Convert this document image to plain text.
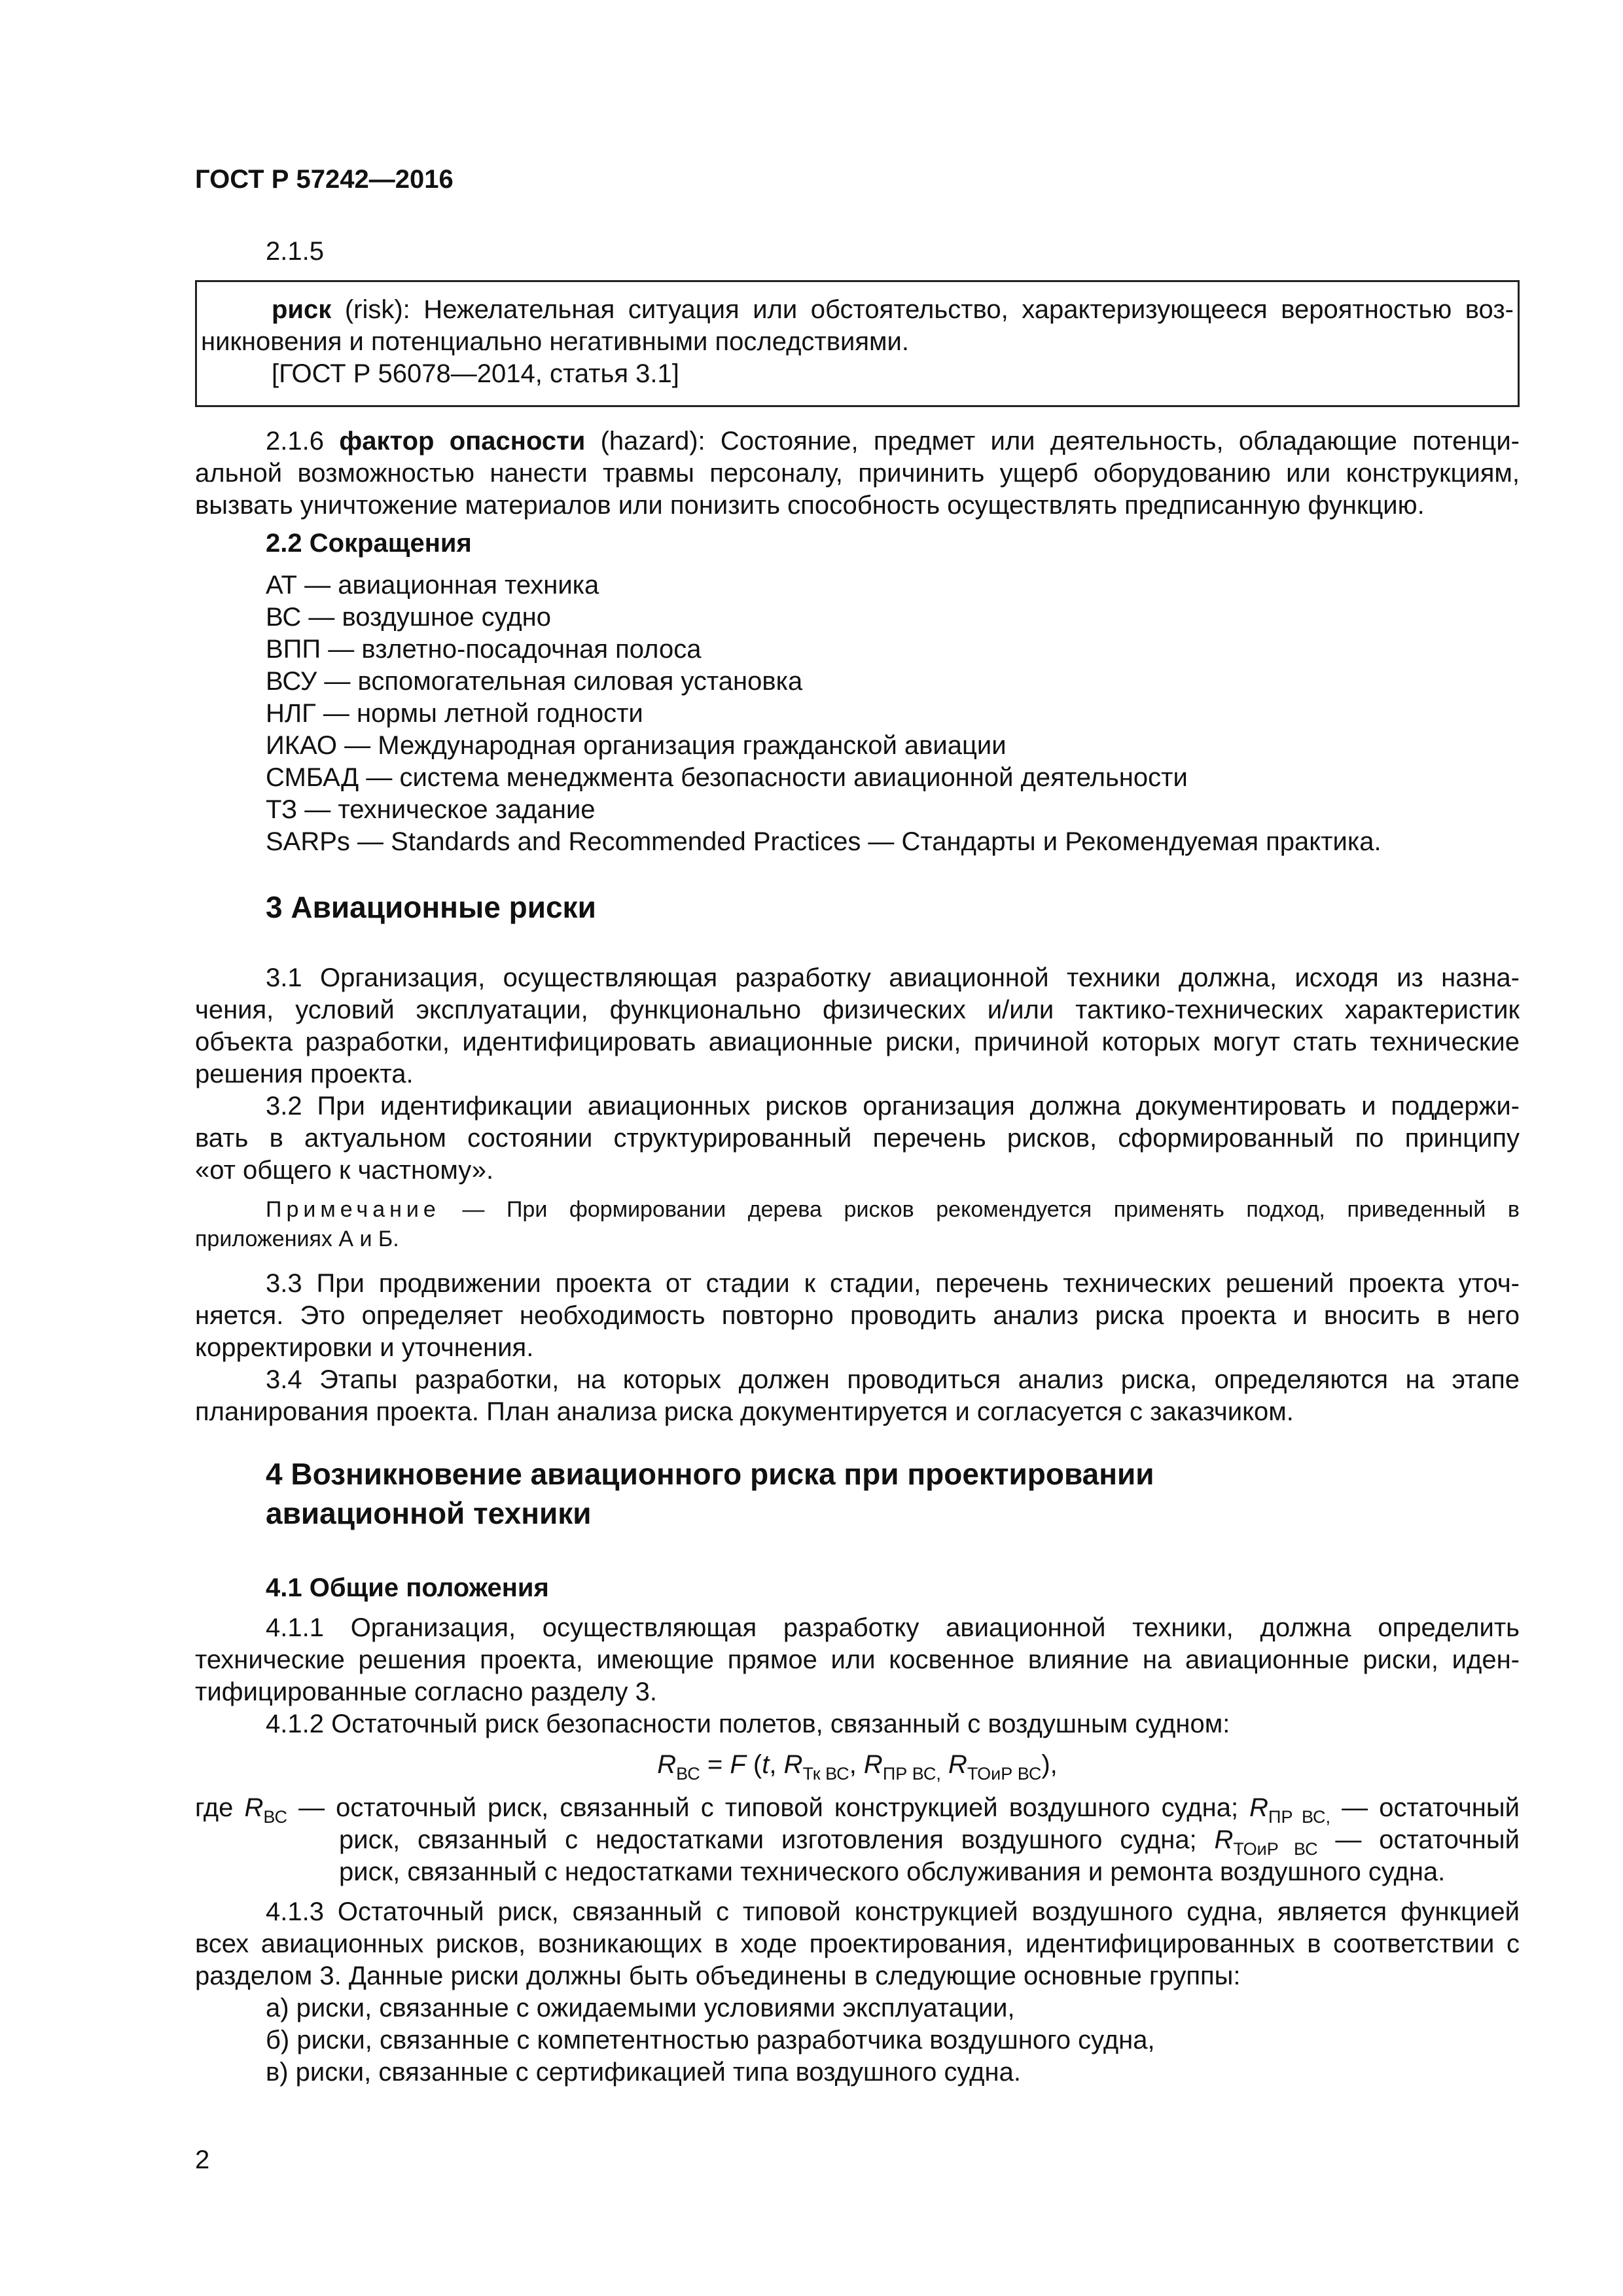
ГОСТ Р 57242—2016
2.1.5
риск (risk): Нежелательная ситуация или обстоятельство, характеризующееся вероятностью воз-
никновения и потенциально негативными последствиями.
[ГОСТ Р 56078—2014, статья 3.1]
2.1.6 фактор опасности (hazard): Состояние, предмет или деятельность, обладающие потенци-
альной возможностью нанести травмы персоналу, причинить ущерб оборудованию или конструкциям,
вызвать уничтожение материалов или понизить способность осуществлять предписанную функцию.
2.2 Сокращения
АТ — авиационная техника
ВС — воздушное судно
ВПП — взлетно-посадочная полоса
ВСУ — вспомогательная силовая установка
НЛГ — нормы летной годности
ИКАО — Международная организация гражданской авиации
СМБАД — система менеджмента безопасности авиационной деятельности
ТЗ — техническое задание
SARPs — Standards and Recommended Practices — Стандарты и Рекомендуемая практика.
3 Авиационные риски
3.1 Организация, осуществляющая разработку авиационной техники должна, исходя из назна-
чения, условий эксплуатации, функционально физических и/или тактико-технических характеристик
объекта разработки, идентифицировать авиационные риски, причиной которых могут стать технические
решения проекта.
3.2 При идентификации авиационных рисков организация должна документировать и поддержи-
вать в актуальном состоянии структурированный перечень рисков, сформированный по принципу
«от общего к частному».
Примечание — При формировании дерева рисков рекомендуется применять подход, приведенный в
приложениях А и Б.
3.3 При продвижении проекта от стадии к стадии, перечень технических решений проекта уточ-
няется. Это определяет необходимость повторно проводить анализ риска проекта и вносить в него
корректировки и уточнения.
3.4 Этапы разработки, на которых должен проводиться анализ риска, определяются на этапе
планирования проекта. План анализа риска документируется и согласуется с заказчиком.
4 Возникновение авиационного риска при проектировании
авиационной техники
4.1 Общие положения
4.1.1 Организация, осуществляющая разработку авиационной техники, должна определить
технические решения проекта, имеющие прямое или косвенное влияние на авиационные риски, иден-
тифицированные согласно разделу 3.
4.1.2 Остаточный риск безопасности полетов, связанный с воздушным судном:
$R_{ВС} = F$ (t, $R_{Тк ВС}$, $R_{ПР ВС,}$ $R_{ТОиР ВС}$),
где $R_{ВС}$ — остаточный риск, связанный с типовой конструкцией воздушного судна; $R_{ПР ВС,}$ — остаточный
риск, связанный с недостатками изготовления воздушного судна; $R_{ТОиР ВС}$ — остаточный
риск, связанный с недостатками технического обслуживания и ремонта воздушного судна.
4.1.3 Остаточный риск, связанный с типовой конструкцией воздушного судна, является функцией
всех авиационных рисков, возникающих в ходе проектирования, идентифицированных в соответствии с
разделом 3. Данные риски должны быть объединены в следующие основные группы:
а) риски, связанные с ожидаемыми условиями эксплуатации,
б) риски, связанные с компетентностью разработчика воздушного судна,
в) риски, связанные с сертификацией типа воздушного судна.
2
